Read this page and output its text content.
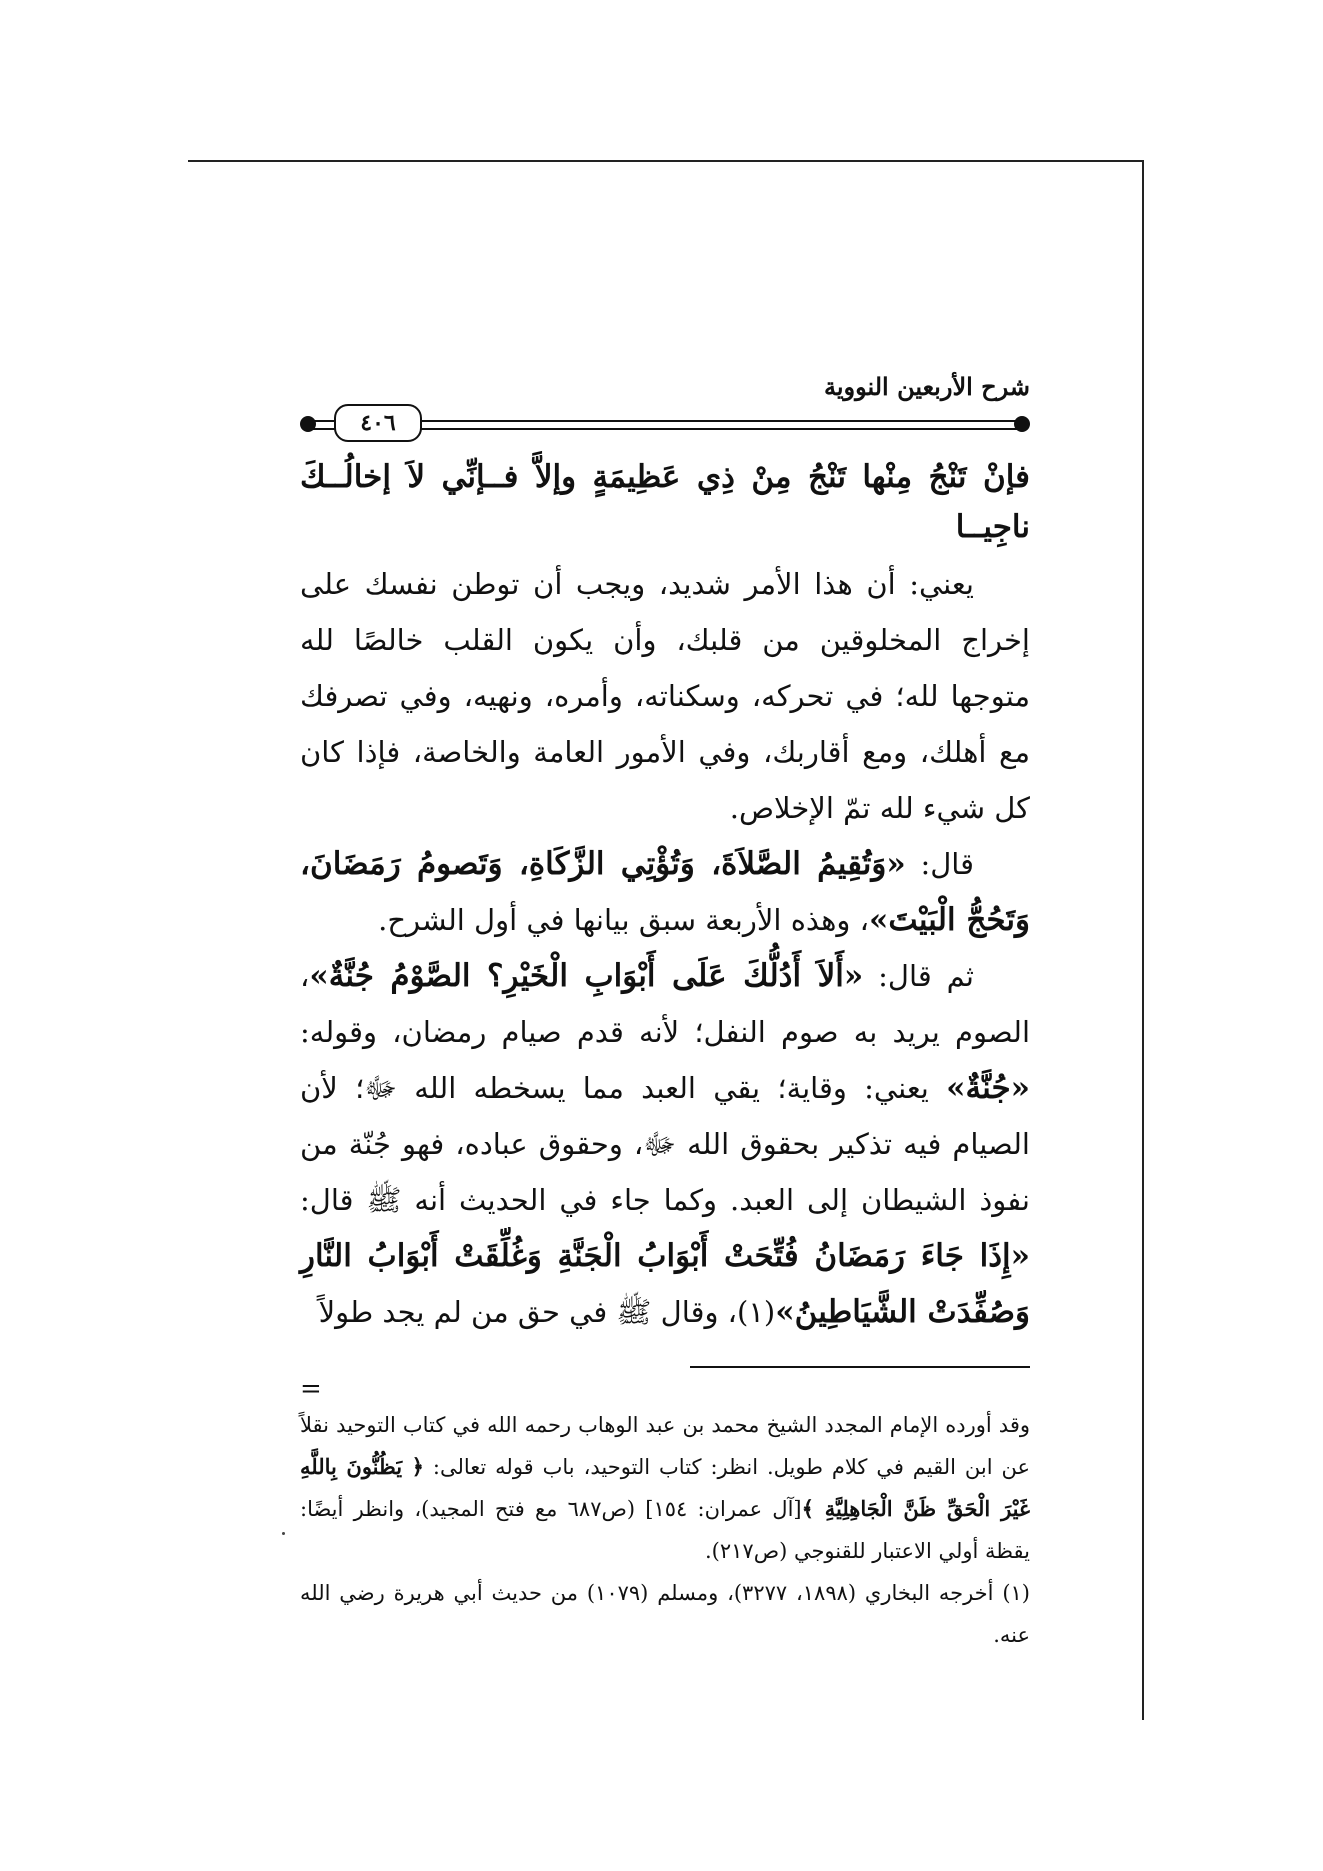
شرح الأربعين النووية
٤٠٦
فإنْ تَنْجُ مِنْها تَنْجُ مِنْ ذِي عَظِيمَةٍ وإلاَّ فــإنِّي لاَ إخالُــكَ ناجِيــا

يعني: أن هذا الأمر شديد، ويجب أن توطن نفسك على إخراج المخلوقين من قلبك، وأن يكون القلب خالصًا لله متوجها لله؛ في تحركه، وسكناته، وأمره، ونهيه، وفي تصرفك مع أهلك، ومع أقاربك، وفي الأمور العامة والخاصة، فإذا كان كل شيء لله تمّ الإخلاص.

قال: «وَتُقِيمُ الصَّلاَةَ، وَتُؤْتِي الزَّكَاةِ، وَتَصومُ رَمَضَانَ، وَتَحُجُّ الْبَيْتَ»، وهذه الأربعة سبق بيانها في أول الشرح.

ثم قال: «أَلاَ أَدُلُّكَ عَلَى أَبْوَابِ الْخَيْرِ؟ الصَّوْمُ جُنَّةٌ»، الصوم يريد به صوم النفل؛ لأنه قدم صيام رمضان، وقوله: «جُنَّةٌ» يعني: وقاية؛ يقي العبد مما يسخطه الله ﷻ؛ لأن الصيام فيه تذكير بحقوق الله ﷻ، وحقوق عباده، فهو جُنّة من نفوذ الشيطان إلى العبد. وكما جاء في الحديث أنه ﷺ قال: «إِذَا جَاءَ رَمَضَانُ فُتِّحَتْ أَبْوَابُ الْجَنَّةِ وَغُلِّقَتْ أَبْوَابُ النَّارِ وَصُفِّدَتْ الشَّيَاطِينُ»(١)، وقال ﷺ في حق من لم يجد طولاً

=

وقد أورده الإمام المجدد الشيخ محمد بن عبد الوهاب رحمه الله في كتاب التوحيد نقلاً عن ابن القيم في كلام طويل. انظر: كتاب التوحيد، باب قوله تعالى: ﴿ يَظُنُّونَ بِاللَّهِ غَيْرَ الْحَقِّ ظَنَّ الْجَاهِلِيَّةِ ﴾[آل عمران: ١٥٤] (ص٦٨٧ مع فتح المجيد)، وانظر أيضًا: يقظة أولي الاعتبار للقنوجي (ص٢١٧).

(١) أخرجه البخاري (١٨٩٨، ٣٢٧٧)، ومسلم (١٠٧٩) من حديث أبي هريرة رضي الله عنه.
